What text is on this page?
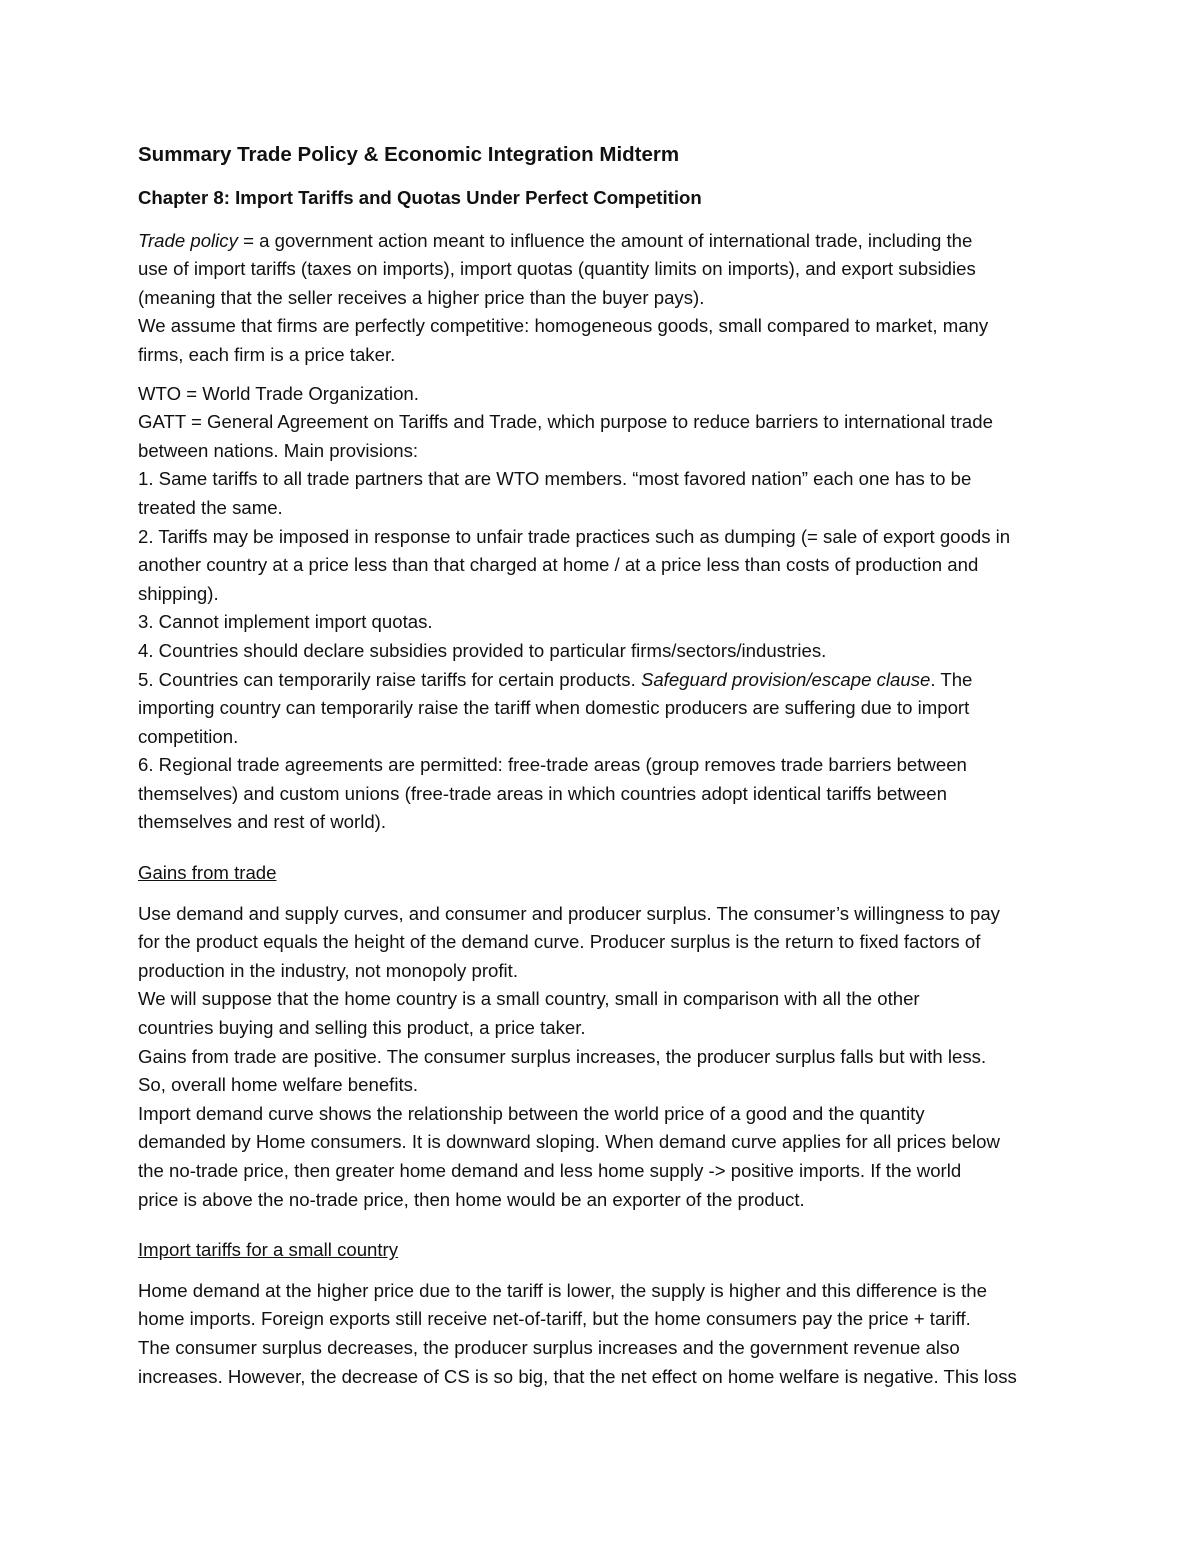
Summary Trade Policy & Economic Integration Midterm
Chapter 8: Import Tariffs and Quotas Under Perfect Competition
Trade policy = a government action meant to influence the amount of international trade, including the
use of import tariffs (taxes on imports), import quotas (quantity limits on imports), and export subsidies
(meaning that the seller receives a higher price than the buyer pays).
We assume that firms are perfectly competitive: homogeneous goods, small compared to market, many
firms, each firm is a price taker.
WTO = World Trade Organization.
GATT = General Agreement on Tariffs and Trade, which purpose to reduce barriers to international trade
between nations. Main provisions:
1. Same tariffs to all trade partners that are WTO members. “most favored nation” each one has to be
treated the same.
2. Tariffs may be imposed in response to unfair trade practices such as dumping (= sale of export goods in
another country at a price less than that charged at home / at a price less than costs of production and
shipping).
3. Cannot implement import quotas.
4. Countries should declare subsidies provided to particular firms/sectors/industries.
5. Countries can temporarily raise tariffs for certain products. Safeguard provision/escape clause. The
importing country can temporarily raise the tariff when domestic producers are suffering due to import
competition.
6. Regional trade agreements are permitted: free-trade areas (group removes trade barriers between
themselves) and custom unions (free-trade areas in which countries adopt identical tariffs between
themselves and rest of world).
Gains from trade
Use demand and supply curves, and consumer and producer surplus. The consumer’s willingness to pay
for the product equals the height of the demand curve. Producer surplus is the return to fixed factors of
production in the industry, not monopoly profit.
We will suppose that the home country is a small country, small in comparison with all the other
countries buying and selling this product, a price taker.
Gains from trade are positive. The consumer surplus increases, the producer surplus falls but with less.
So, overall home welfare benefits.
Import demand curve shows the relationship between the world price of a good and the quantity
demanded by Home consumers. It is downward sloping. When demand curve applies for all prices below
the no-trade price, then greater home demand and less home supply -> positive imports. If the world
price is above the no-trade price, then home would be an exporter of the product.
Import tariffs for a small country
Home demand at the higher price due to the tariff is lower, the supply is higher and this difference is the
home imports. Foreign exports still receive net-of-tariff, but the home consumers pay the price + tariff.
The consumer surplus decreases, the producer surplus increases and the government revenue also
increases. However, the decrease of CS is so big, that the net effect on home welfare is negative. This loss
